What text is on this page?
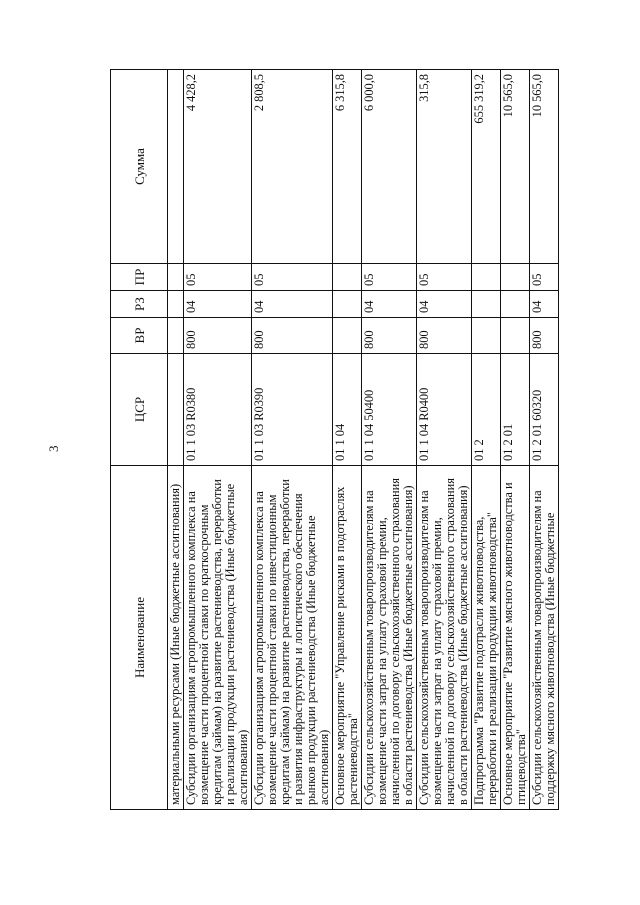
3
Наименование	ЦСР	ВР	РЗ	ПР	Сумма
материальными ресурсами (Иные бюджетные ассигнования)					
Субсидии организациям агропромышленного комплекса на возмещение части процентной ставки по краткосрочным кредитам (займам) на развитие растениеводства, переработки и реализации продукции растениеводства (Иные бюджетные ассигнования)	01 1 03 R0380	800	04	05	4 428,2
Субсидии организациям агропромышленного комплекса на возмещение части процентной ставки по инвестиционным кредитам (займам) на развитие растениеводства, переработки и развития инфраструктуры и логистического обеспечения рынков продукции растениеводства (Иные бюджетные ассигнования)	01 1 03 R0390	800	04	05	2 808,5
Основное мероприятие "Управление рисками в подотраслях растениеводства"	01 1 04				6 315,8
Субсидии сельскохозяйственным товаропроизводителям на возмещение части затрат на уплату страховой премии, начисленной по договору сельскохозяйственного страхования в области растениеводства (Иные бюджетные ассигнования)	01 1 04 50400	800	04	05	6 000,0
Субсидии сельскохозяйственным товаропроизводителям на возмещение части затрат на уплату страховой премии, начисленной по договору сельскохозяйственного страхования в области растениеводства (Иные бюджетные ассигнования)	01 1 04 R0400	800	04	05	315,8
Подпрограмма "Развитие подотрасли животноводства, переработки и реализации продукции животноводства"	01 2				655 319,2
Основное мероприятие "Развитие мясного животноводства и птицеводства"	01 2 01				10 565,0
Субсидии сельскохозяйственным товаропроизводителям на поддержку мясного животноводства (Иные бюджетные	01 2 01 60320	800	04	05	10 565,0
